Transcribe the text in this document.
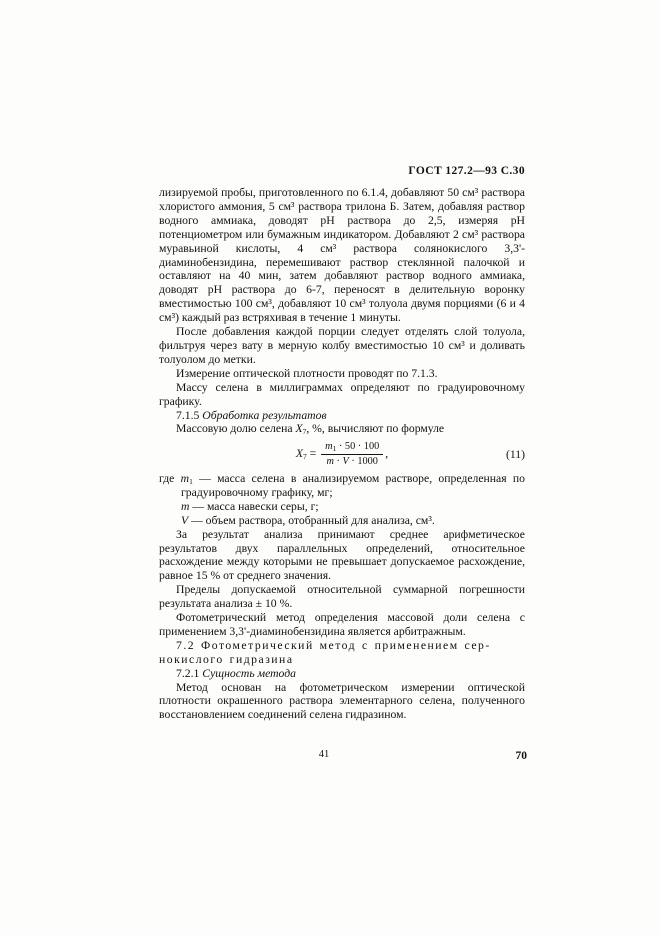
ГОСТ 127.2—93 С.30

лизируемой пробы, приготовленного по 6.1.4, добавляют 50 см³ раствора хлористого аммония, 5 см³ раствора трилона Б. Затем, добавляя раствор водного аммиака, доводят рН раствора до 2,5, измеряя рН потенциометром или бумажным индикатором. Добавляют 2 см³ раствора муравьиной кислоты, 4 см³ раствора солянокислого 3,3'-диаминобензидина, перемешивают раствор стеклянной палочкой и оставляют на 40 мин, затем добавляют раствор водного аммиака, доводят рН раствора до 6-7, переносят в делительную воронку вместимостью 100 см³, добавляют 10 см³ толуола двумя порциями (6 и 4 см³) каждый раз встряхивая в течение 1 минуты.

После добавления каждой порции следует отделять слой толуола, фильтруя через вату в мерную колбу вместимостью 10 см³ и доливать толуолом до метки.

Измерение оптической плотности проводят по 7.1.3.

Массу селена в миллиграммах определяют по градуировочному графику.

7.1.5 Обработка результатов

Массовую долю селена $Х_7$, %, вычисляют по формуле

$Х_7 = \frac{m_1 \cdot 50 \cdot 100}{m \cdot V \cdot 1000}$ ,	(11)
где $m_1$ — масса селена в анализируемом растворе, определенная по градуировочному графику, мг;
m — масса навески серы, г;
V — объем раствора, отобранный для анализа, см³.

За результат анализа принимают среднее арифметическое результатов двух параллельных определений, относительное расхождение между которыми не превышает допускаемое расхождение, равное 15 % от среднего значения.

Пределы допускаемой относительной суммарной погрешности результата анализа ± 10 %.

Фотометрический метод определения массовой доли селена с применением 3,3'-диаминобензидина является арбитражным.

7.2 Фотометрический метод с применением сер-
нокислого гидразина

7.2.1 Сущность метода

Метод основан на фотометрическом измерении оптической плотности окрашенного раствора элементарного селена, полученного восстановлением соединений селена гидразином.

41	70
